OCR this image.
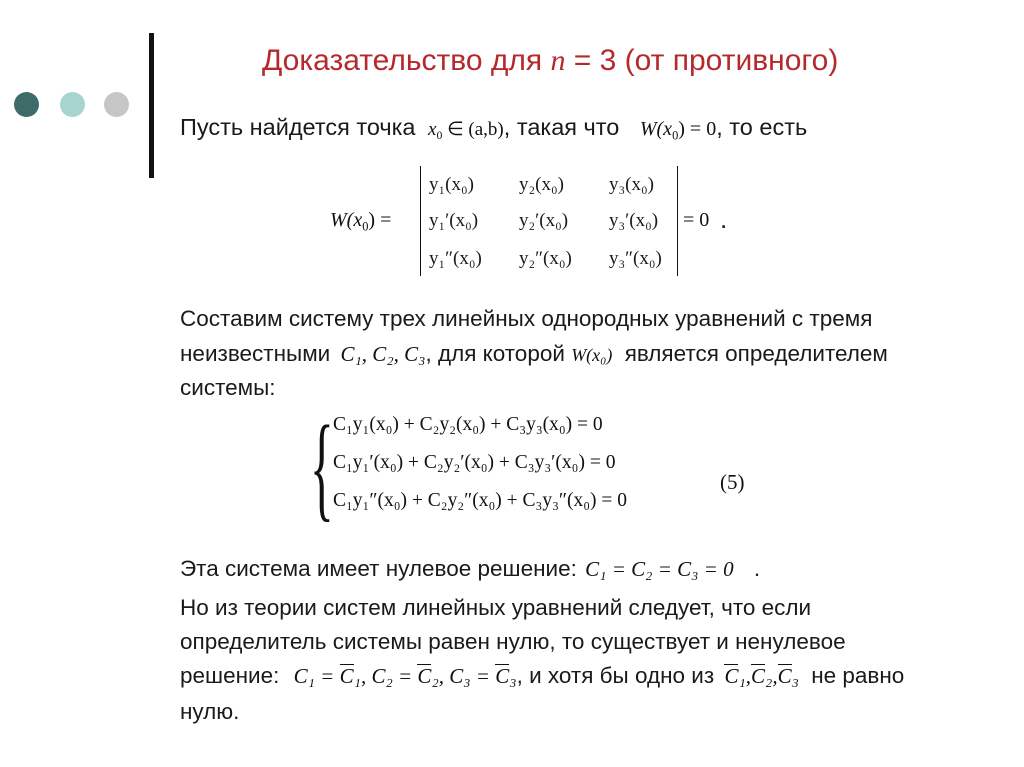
Доказательство для n = 3 (от противного)
Пусть найдется точка $x_0$ ∈ (a,b), такая что $W(x_0) = 0$, то есть
$W(x_0)$ =
y₁(x₀) y₂(x₀) y₃(x₀)
y₁′(x₀) y₂′(x₀) y₃′(x₀)
y₁″(x₀) y₂″(x₀) y₃″(x₀)
= 0 .
Составим систему трех линейных однородных уравнений с тремя
неизвестными C₁, C₂, C₃, для которой W(x₀) является определителем
системы:
{ C₁y₁(x₀) + C₂y₂(x₀) + C₃y₃(x₀) = 0
C₁y₁′(x₀) + C₂y₂′(x₀) + C₃y₃′(x₀) = 0
C₁y₁″(x₀) + C₂y₂″(x₀) + C₃y₃″(x₀) = 0
(5)
Эта система имеет нулевое решение: C₁ = C₂ = C₃ = 0 .
Но из теории систем линейных уравнений следует, что если
определитель системы равен нулю, то существует и ненулевое
решение: C₁ = C₁, C₂ = C₂, C₃ = C₃, и хотя бы одно из C₁,C₂,C₃ не равно
нулю.
